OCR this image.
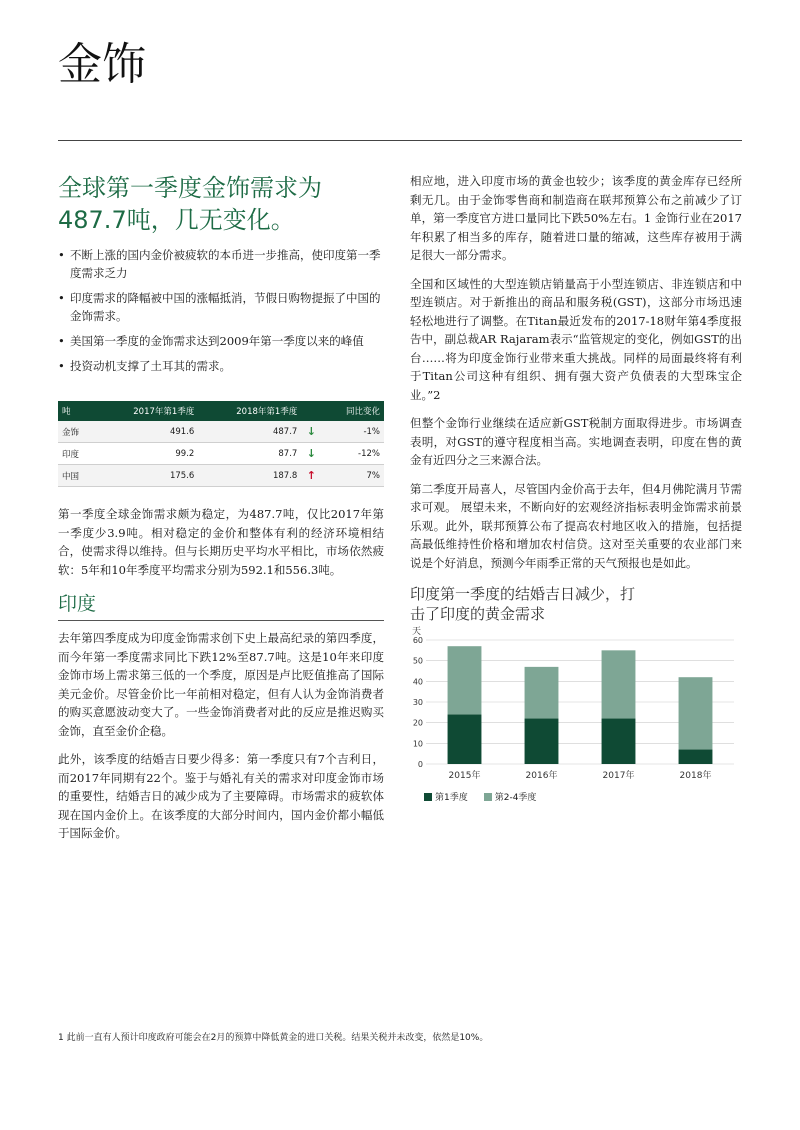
金饰
全球第一季度金饰需求为487.7吨，几无变化。
• 不断上涨的国内金价被疲软的本币进一步推高，使印度第一季度需求乏力
• 印度需求的降幅被中国的涨幅抵消，节假日购物提振了中国的金饰需求。
• 美国第一季度的金饰需求达到2009年第一季度以来的峰值
• 投资动机支撑了土耳其的需求。
吨	2017年第1季度	2018年第1季度		同比变化
金饰	491.6	487.7	↓	-1%
印度	99.2	87.7	↓	-12%
中国	175.6	187.8	↑	7%

第一季度全球金饰需求颇为稳定，为487.7吨，仅比2017年第一季度少3.9吨。相对稳定的金价和整体有利的经济环境相结合，使需求得以维持。但与长期历史平均水平相比，市场依然疲软：5年和10年季度平均需求分别为592.1和556.3吨。

印度

去年第四季度成为印度金饰需求创下史上最高纪录的第四季度，而今年第一季度需求同比下跌12%至87.7吨。这是10年来印度金饰市场上需求第三低的一个季度，原因是卢比贬值推高了国际美元金价。尽管金价比一年前相对稳定，但有人认为金饰消费者的购买意愿波动变大了。一些金饰消费者对此的反应是推迟购买金饰，直至金价企稳。

此外，该季度的结婚吉日要少得多：第一季度只有7个吉利日，而2017年同期有22个。鉴于与婚礼有关的需求对印度金饰市场的重要性，结婚吉日的减少成为了主要障碍。市场需求的疲软体现在国内金价上。在该季度的大部分时间内，国内金价都小幅低于国际金价。

相应地，进入印度市场的黄金也较少；该季度的黄金库存已经所剩无几。由于金饰零售商和制造商在联邦预算公布之前减少了订单，第一季度官方进口量同比下跌50%左右。1 金饰行业在2017年积累了相当多的库存，随着进口量的缩减，这些库存被用于满足很大一部分需求。

全国和区域性的大型连锁店销量高于小型连锁店、非连锁店和中型连锁店。对于新推出的商品和服务税(GST)，这部分市场迅速轻松地进行了调整。在Titan最近发布的2017-18财年第4季度报告中，副总裁AR Rajaram表示“监管规定的变化，例如GST的出台……将为印度金饰行业带来重大挑战。同样的局面最终将有利于Titan公司这种有组织、拥有强大资产负债表的大型珠宝企业。”2

但整个金饰行业继续在适应新GST税制方面取得进步。市场调查表明，对GST的遵守程度相当高。实地调查表明，印度在售的黄金有近四分之三来源合法。

第二季度开局喜人，尽管国内金价高于去年，但4月佛陀满月节需求可观。 展望未来，不断向好的宏观经济指标表明金饰需求前景乐观。此外，联邦预算公布了提高农村地区收入的措施，包括提高最低维持性价格和增加农村信贷。这对至关重要的农业部门来说是个好消息，预测今年雨季正常的天气预报也是如此。

印度第一季度的结婚吉日减少，打击了印度的黄金需求
天
0
10
20
30
40
50
60
2015年	2016年	2017年	2018年
第1季度	第2-4季度
1 此前一直有人预计印度政府可能会在2月的预算中降低黄金的进口关税。结果关税并未改变，依然是10%。
